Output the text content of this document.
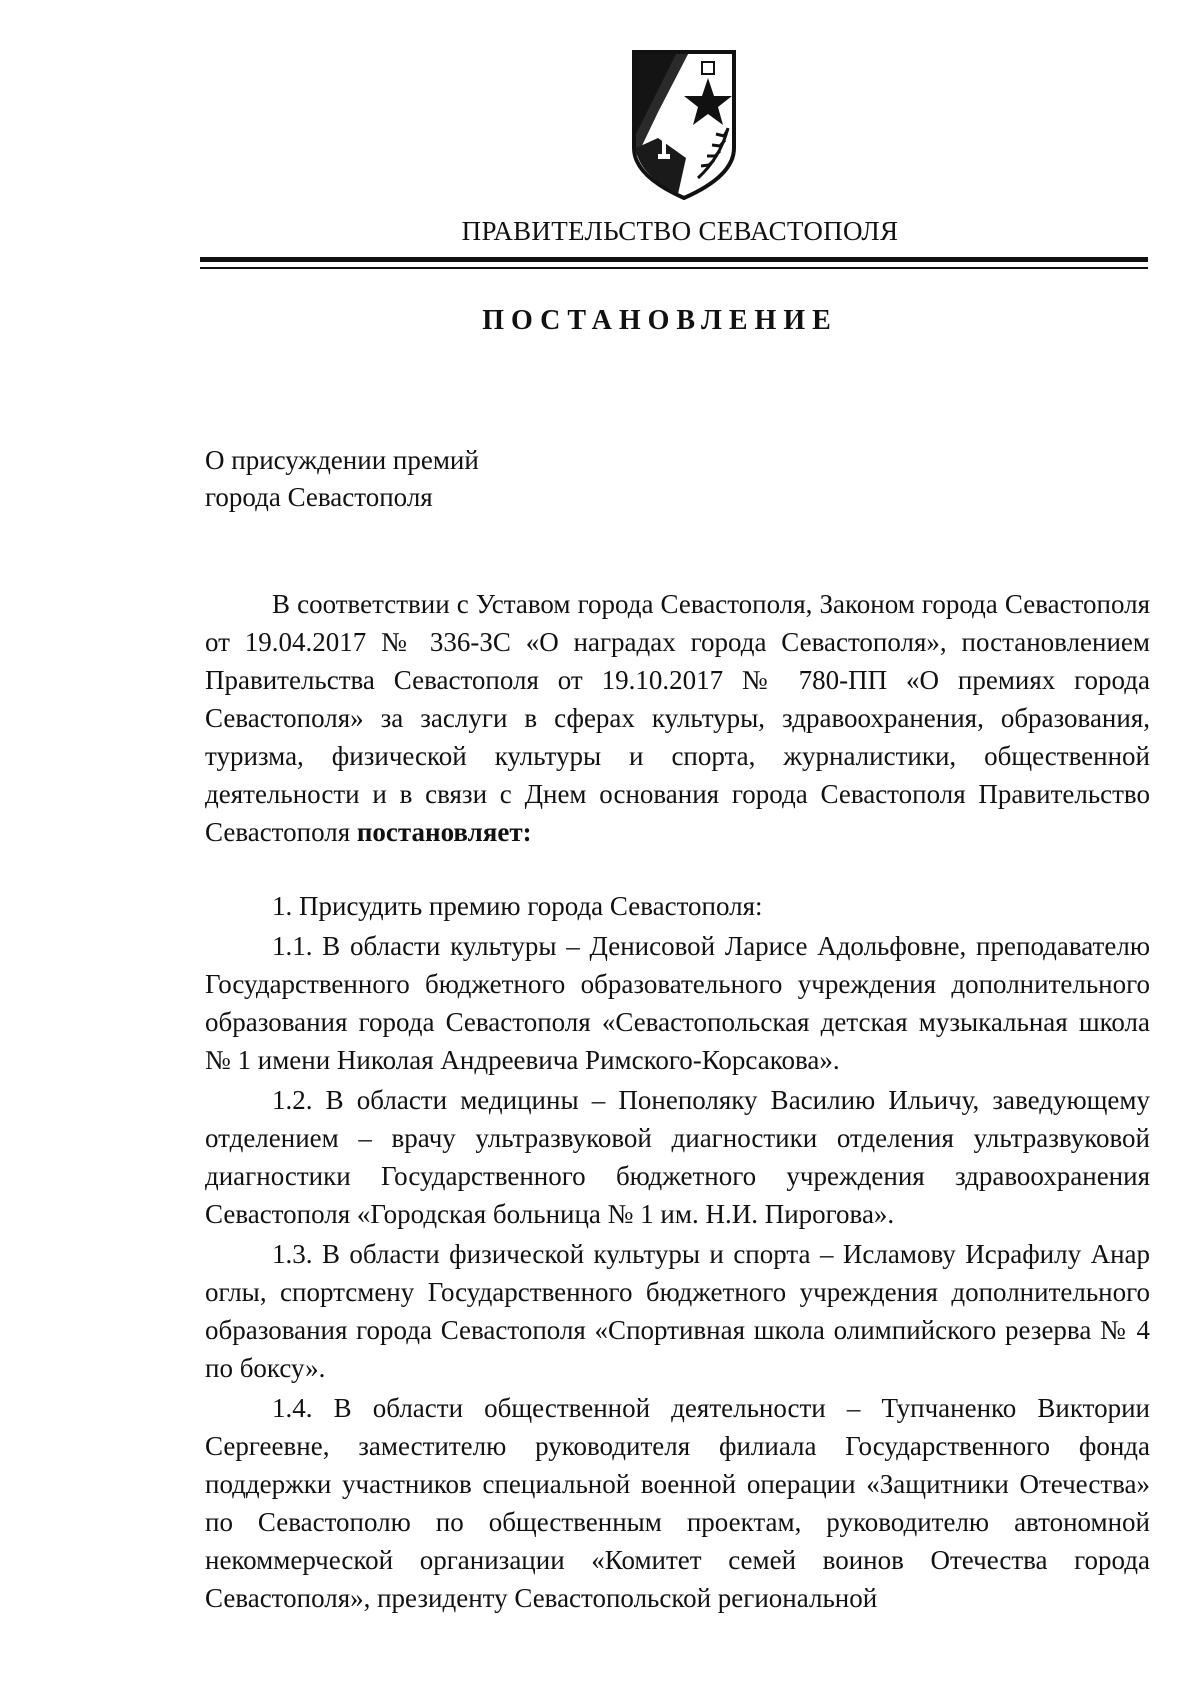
ПРАВИТЕЛЬСТВО СЕВАСТОПОЛЯ
ПОСТАНОВЛЕНИЕ
О присуждении премий
города Севастополя

В соответствии с Уставом города Севастополя, Законом города Севастополя от 19.04.2017 № 336-ЗС «О наградах города Севастополя», постановлением Правительства Севастополя от 19.10.2017 № 780-ПП «О премиях города Севастополя» за заслуги в сферах культуры, здравоохранения, образования, туризма, физической культуры и спорта, журналистики, общественной деятельности и в связи с Днем основания города Севастополя Правительство Севастополя постановляет:

1. Присудить премию города Севастополя:

1.1. В области культуры – Денисовой Ларисе Адольфовне, преподавателю Государственного бюджетного образовательного учреждения дополнительного образования города Севастополя «Севастопольская детская музыкальная школа № 1 имени Николая Андреевича Римского-Корсакова».

1.2. В области медицины – Понеполяку Василию Ильичу, заведующему отделением – врачу ультразвуковой диагностики отделения ультразвуковой диагностики Государственного бюджетного учреждения здравоохранения Севастополя «Городская больница № 1 им. Н.И. Пирогова».

1.3. В области физической культуры и спорта – Исламову Исрафилу Анар оглы, спортсмену Государственного бюджетного учреждения дополнительного образования города Севастополя «Спортивная школа олимпийского резерва № 4 по боксу».

1.4. В области общественной деятельности – Тупчаненко Виктории Сергеевне, заместителю руководителя филиала Государственного фонда поддержки участников специальной военной операции «Защитники Отечества» по Севастополю по общественным проектам, руководителю автономной некоммерческой организации «Комитет семей воинов Отечества города Севастополя», президенту Севастопольской региональной
